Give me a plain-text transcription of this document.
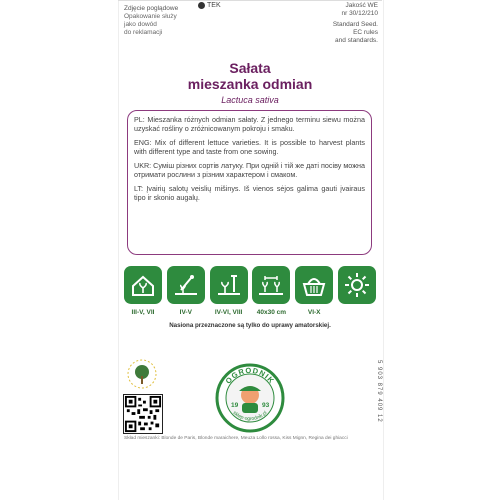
Zdjęcie poglądowe
Opakowanie służy
jako dowód
do reklamacji
TEK	Jakość WE
nr 30/12/210
Standard Seed.
EC rules
and standards.
Sałata
mieszanka odmian
Lactuca sativa

PL: Mieszanka różnych odmian sałaty. Z jednego terminu siewu można uzyskać rośliny o zróżnicowanym pokroju i smaku.

ENG: Mix of different lettuce varieties. It is possible to harvest plants with different type and taste from one sowing.

UKR: Суміш різних сортів латуку. При одній і тій же даті посіву можна отримати рослини з різним характером і смаком.

LT: Įvairių salotų veislių mišinys. Iš vienos sėjos galima gauti įvairaus tipo ir skonio augalų.

III-V, VII	IV-V	IV-VI, VIII	40x30 cm	VI-X
Nasiona przeznaczone są tylko do uprawy amatorskiej.
OGRODNIK
19	93
sklep-ogrodnik.pl	5 903 879 409 12
Skład mieszanki: Blonde de Paris, Blonde maraichere, Meuza Lollo rossa, Kiss Mignn, Regina dei ghiacci
